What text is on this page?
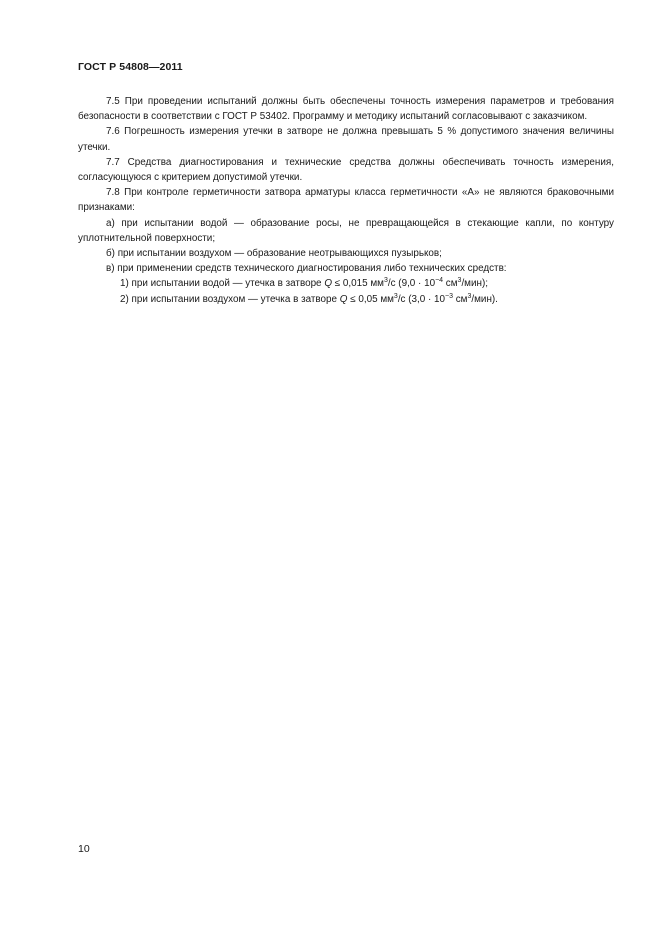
ГОСТ Р 54808—2011

7.5 При проведении испытаний должны быть обеспечены точность измерения параметров и требования безопасности в соответствии с ГОСТ Р 53402. Программу и методику испытаний согласовывают с заказчиком.

7.6 Погрешность измерения утечки в затворе не должна превышать 5 % допустимого значения величины утечки.

7.7 Средства диагностирования и технические средства должны обеспечивать точность измерения, согласующуюся с критерием допустимой утечки.

7.8 При контроле герметичности затвора арматуры класса герметичности «А» не являются браковочными признаками:

а) при испытании водой — образование росы, не превращающейся в стекающие капли, по контуру уплотнительной поверхности;

б) при испытании воздухом — образование неотрывающихся пузырьков;

в) при применении средств технического диагностирования либо технических средств:

1) при испытании водой — утечка в затворе Q ≤ 0,015 $мм^3/с$ ($9,0 \cdot 10^{-4}$ $см^3/мин$);

2) при испытании воздухом — утечка в затворе Q ≤ 0,05 $мм^3/с$ ($3,0 \cdot 10^{-3}$ $см^3/мин$).

10
